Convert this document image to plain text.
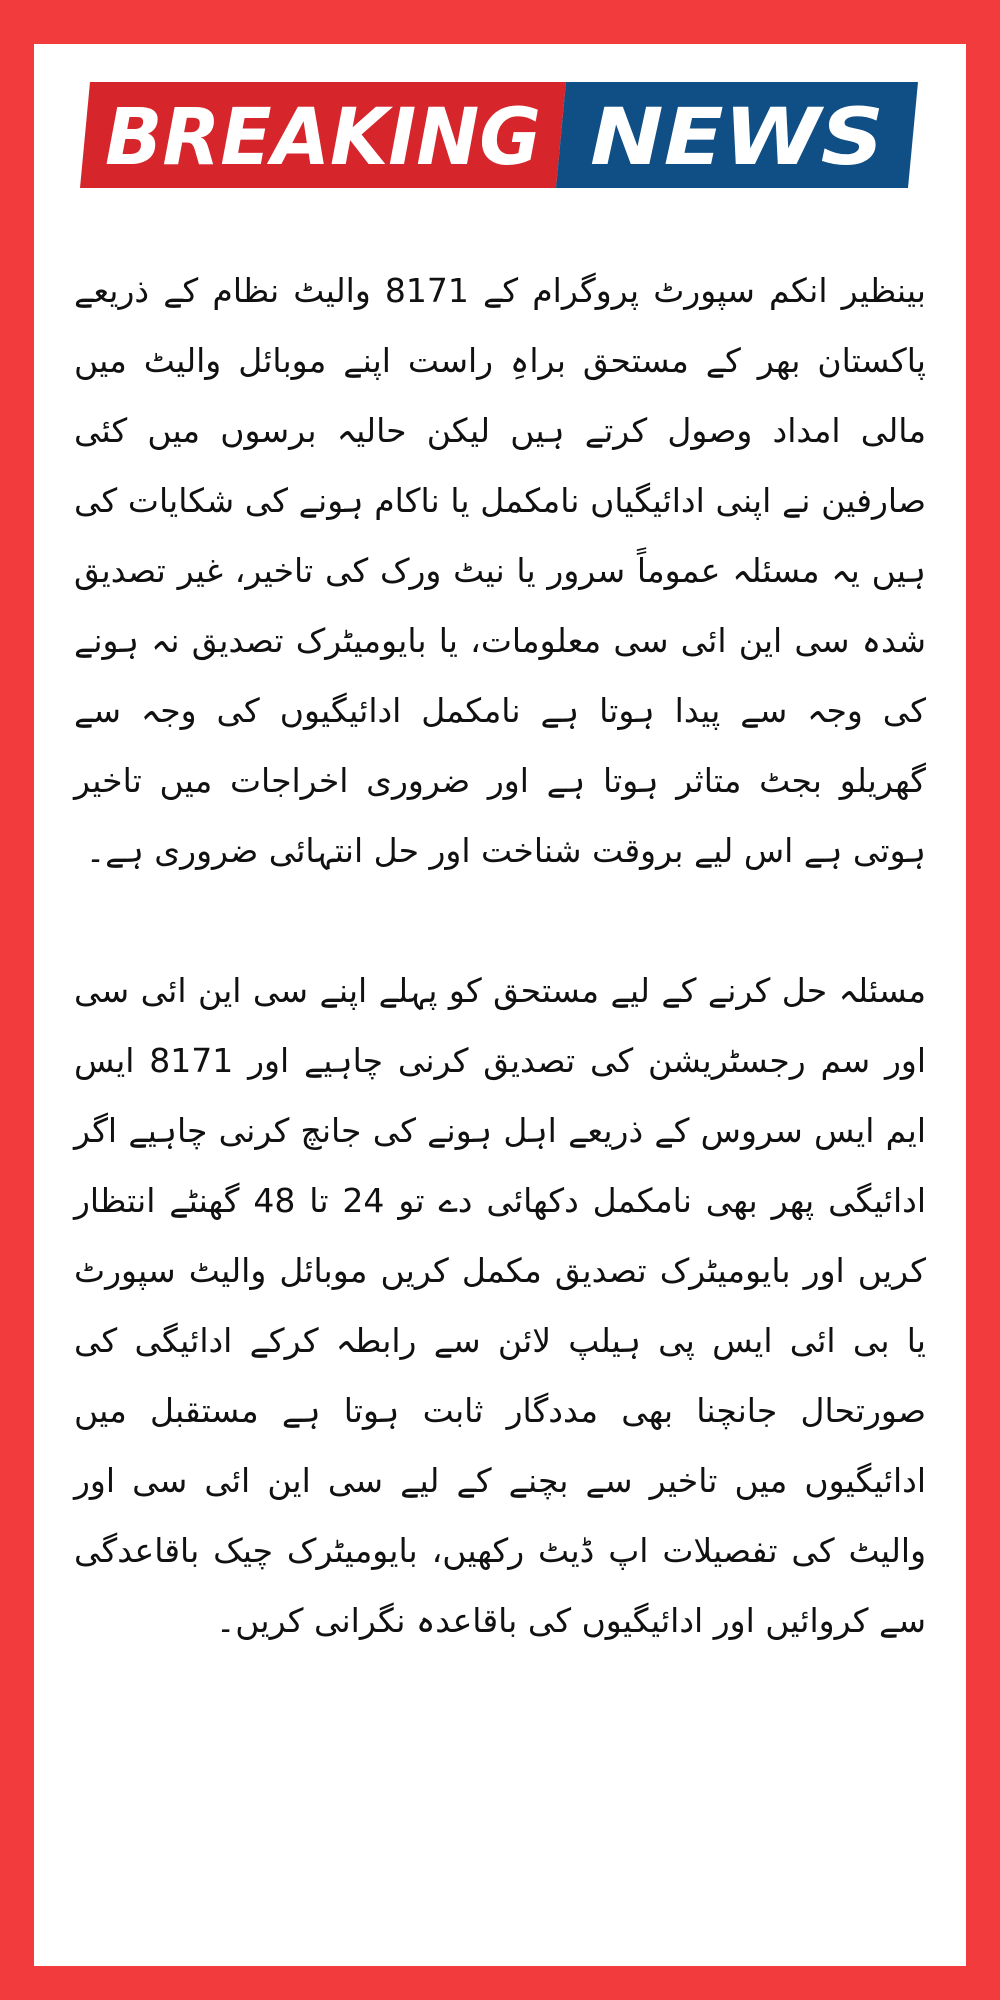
BREAKING NEWS

بینظیر انکم سپورٹ پروگرام کے 8171 والیٹ نظام کے ذریعے پاکستان بھر کے مستحق براہِ راست اپنے موبائل والیٹ میں مالی امداد وصول کرتے ہیں لیکن حالیہ برسوں میں کئی صارفین نے اپنی ادائیگیاں نامکمل یا ناکام ہونے کی شکایات کی ہیں یہ مسئلہ عموماً سرور یا نیٹ ورک کی تاخیر، غیر تصدیق شدہ سی این ائی سی معلومات، یا بایومیٹرک تصدیق نہ ہونے کی وجہ سے پیدا ہوتا ہے نامکمل ادائیگیوں کی وجہ سے گھریلو بجٹ متاثر ہوتا ہے اور ضروری اخراجات میں تاخیر ہوتی ہے اس لیے بروقت شناخت اور حل انتہائی ضروری ہے۔

مسئلہ حل کرنے کے لیے مستحق کو پہلے اپنے سی این ائی سی اور سم رجسٹریشن کی تصدیق کرنی چاہیے اور 8171 ایس ایم ایس سروس کے ذریعے اہل ہونے کی جانچ کرنی چاہیے اگر ادائیگی پھر بھی نامکمل دکھائی دے تو 24 تا 48 گھنٹے انتظار کریں اور بایومیٹرک تصدیق مکمل کریں موبائل والیٹ سپورٹ یا بی ائی ایس پی ہیلپ لائن سے رابطہ کرکے ادائیگی کی صورتحال جانچنا بھی مددگار ثابت ہوتا ہے مستقبل میں ادائیگیوں میں تاخیر سے بچنے کے لیے سی این ائی سی اور والیٹ کی تفصیلات اپ ڈیٹ رکھیں، بایومیٹرک چیک باقاعدگی سے کروائیں اور ادائیگیوں کی باقاعدہ نگرانی کریں۔
